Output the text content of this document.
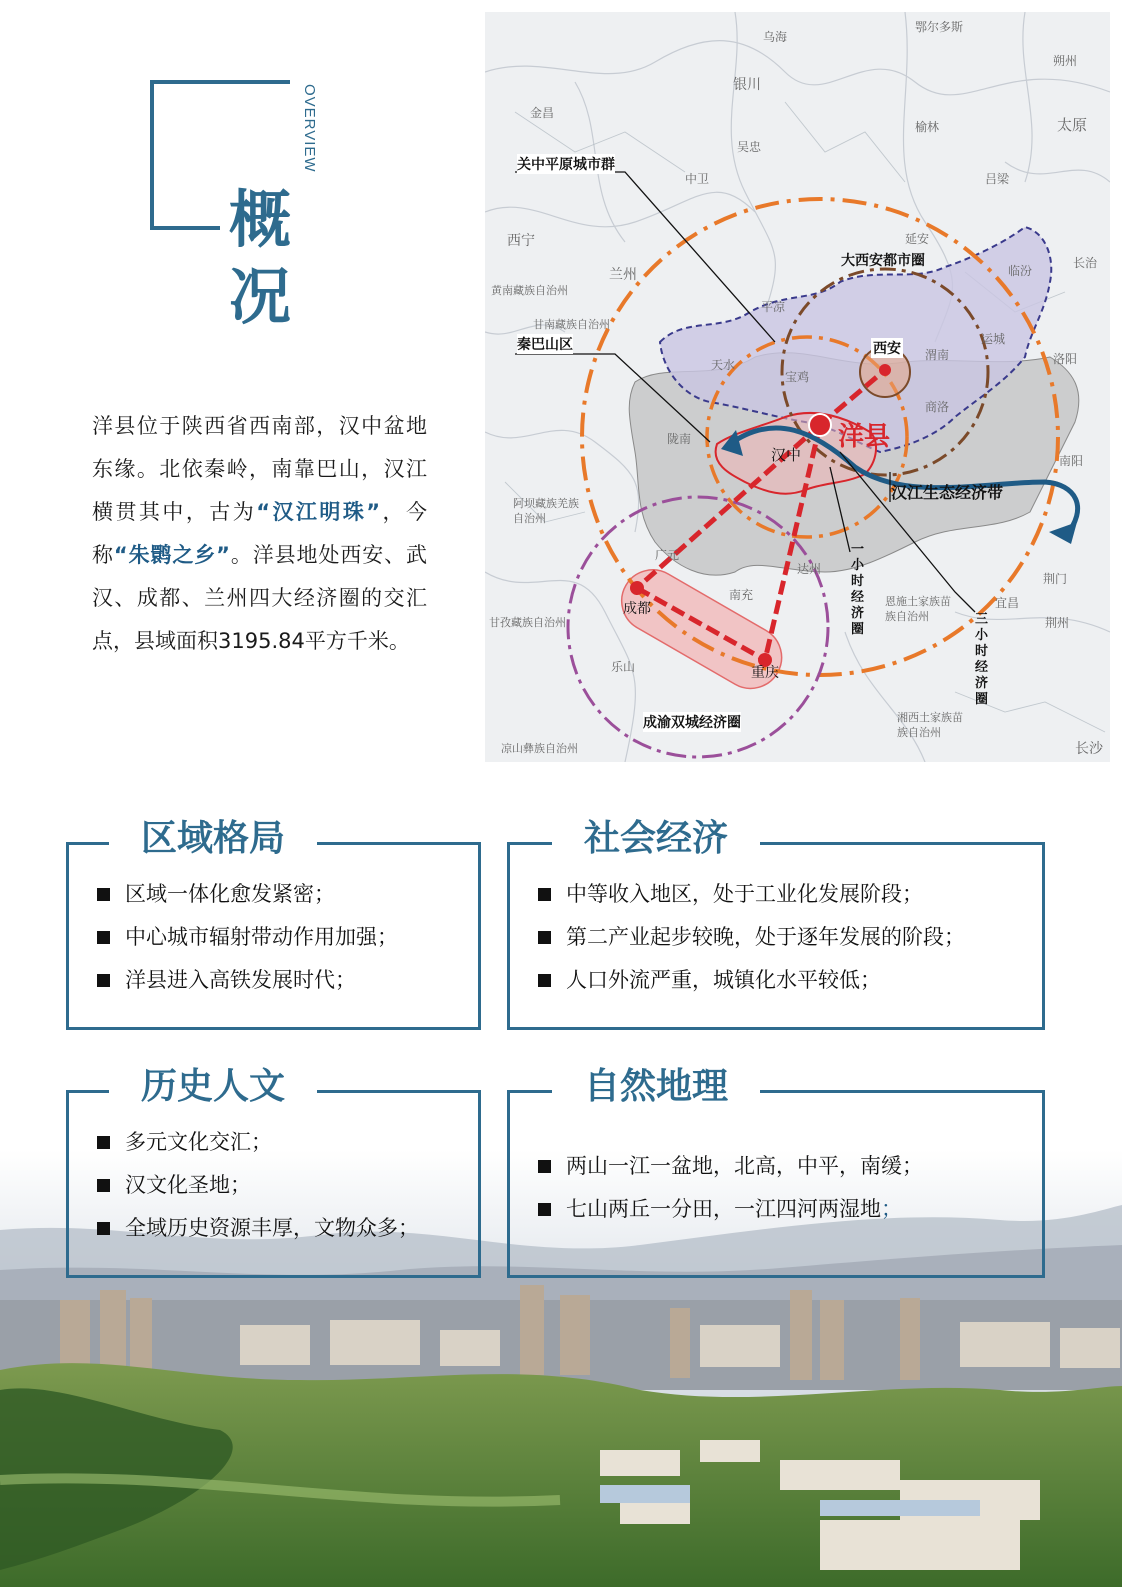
OVERVIEW
概
况
洋县位于陕西省西南部，汉中盆地东缘。北依秦岭，南靠巴山，汉江横贯其中，古为“汉江明珠”，今称“朱鹮之乡”。洋县地处西安、武汉、成都、兰州四大经济圈的交汇点，县域面积3195.84平方千米。
鄂尔多斯
乌海
银川
朔州
金昌
榆林	太原
吴忠
中卫	吕梁
西宁	延安
兰州	临汾
长治
黄南藏族自治州
平凉
甘南藏族自治州
运城
天水
渭南	洛阳
宝鸡
商洛
陇南
南阳
阿坝藏族羌族自治州
广元
达州
南充
荆门
甘孜藏族自治州
恩施土家族苗族自治州
宜昌
荆州
乐山
湘西土家族苗族自治州
凉山彝族自治州	长沙
关中平原城市群
大西安都市圈
秦巴山区	西安
洋县
汉中
汉江生态经济带
一小时经济圈
三小时经济圈
成都
重庆
成渝双城经济圈
区域格局
区域一体化愈发紧密；
中心城市辐射带动作用加强；
洋县进入高铁发展时代；
社会经济
中等收入地区，处于工业化发展阶段；
第二产业起步较晚，处于逐年发展的阶段；
人口外流严重，城镇化水平较低；
历史人文
多元文化交汇；
汉文化圣地；
全域历史资源丰厚，文物众多；
自然地理
两山一江一盆地，北高，中平，南缓；
七山两丘一分田，一江四河两湿地；
